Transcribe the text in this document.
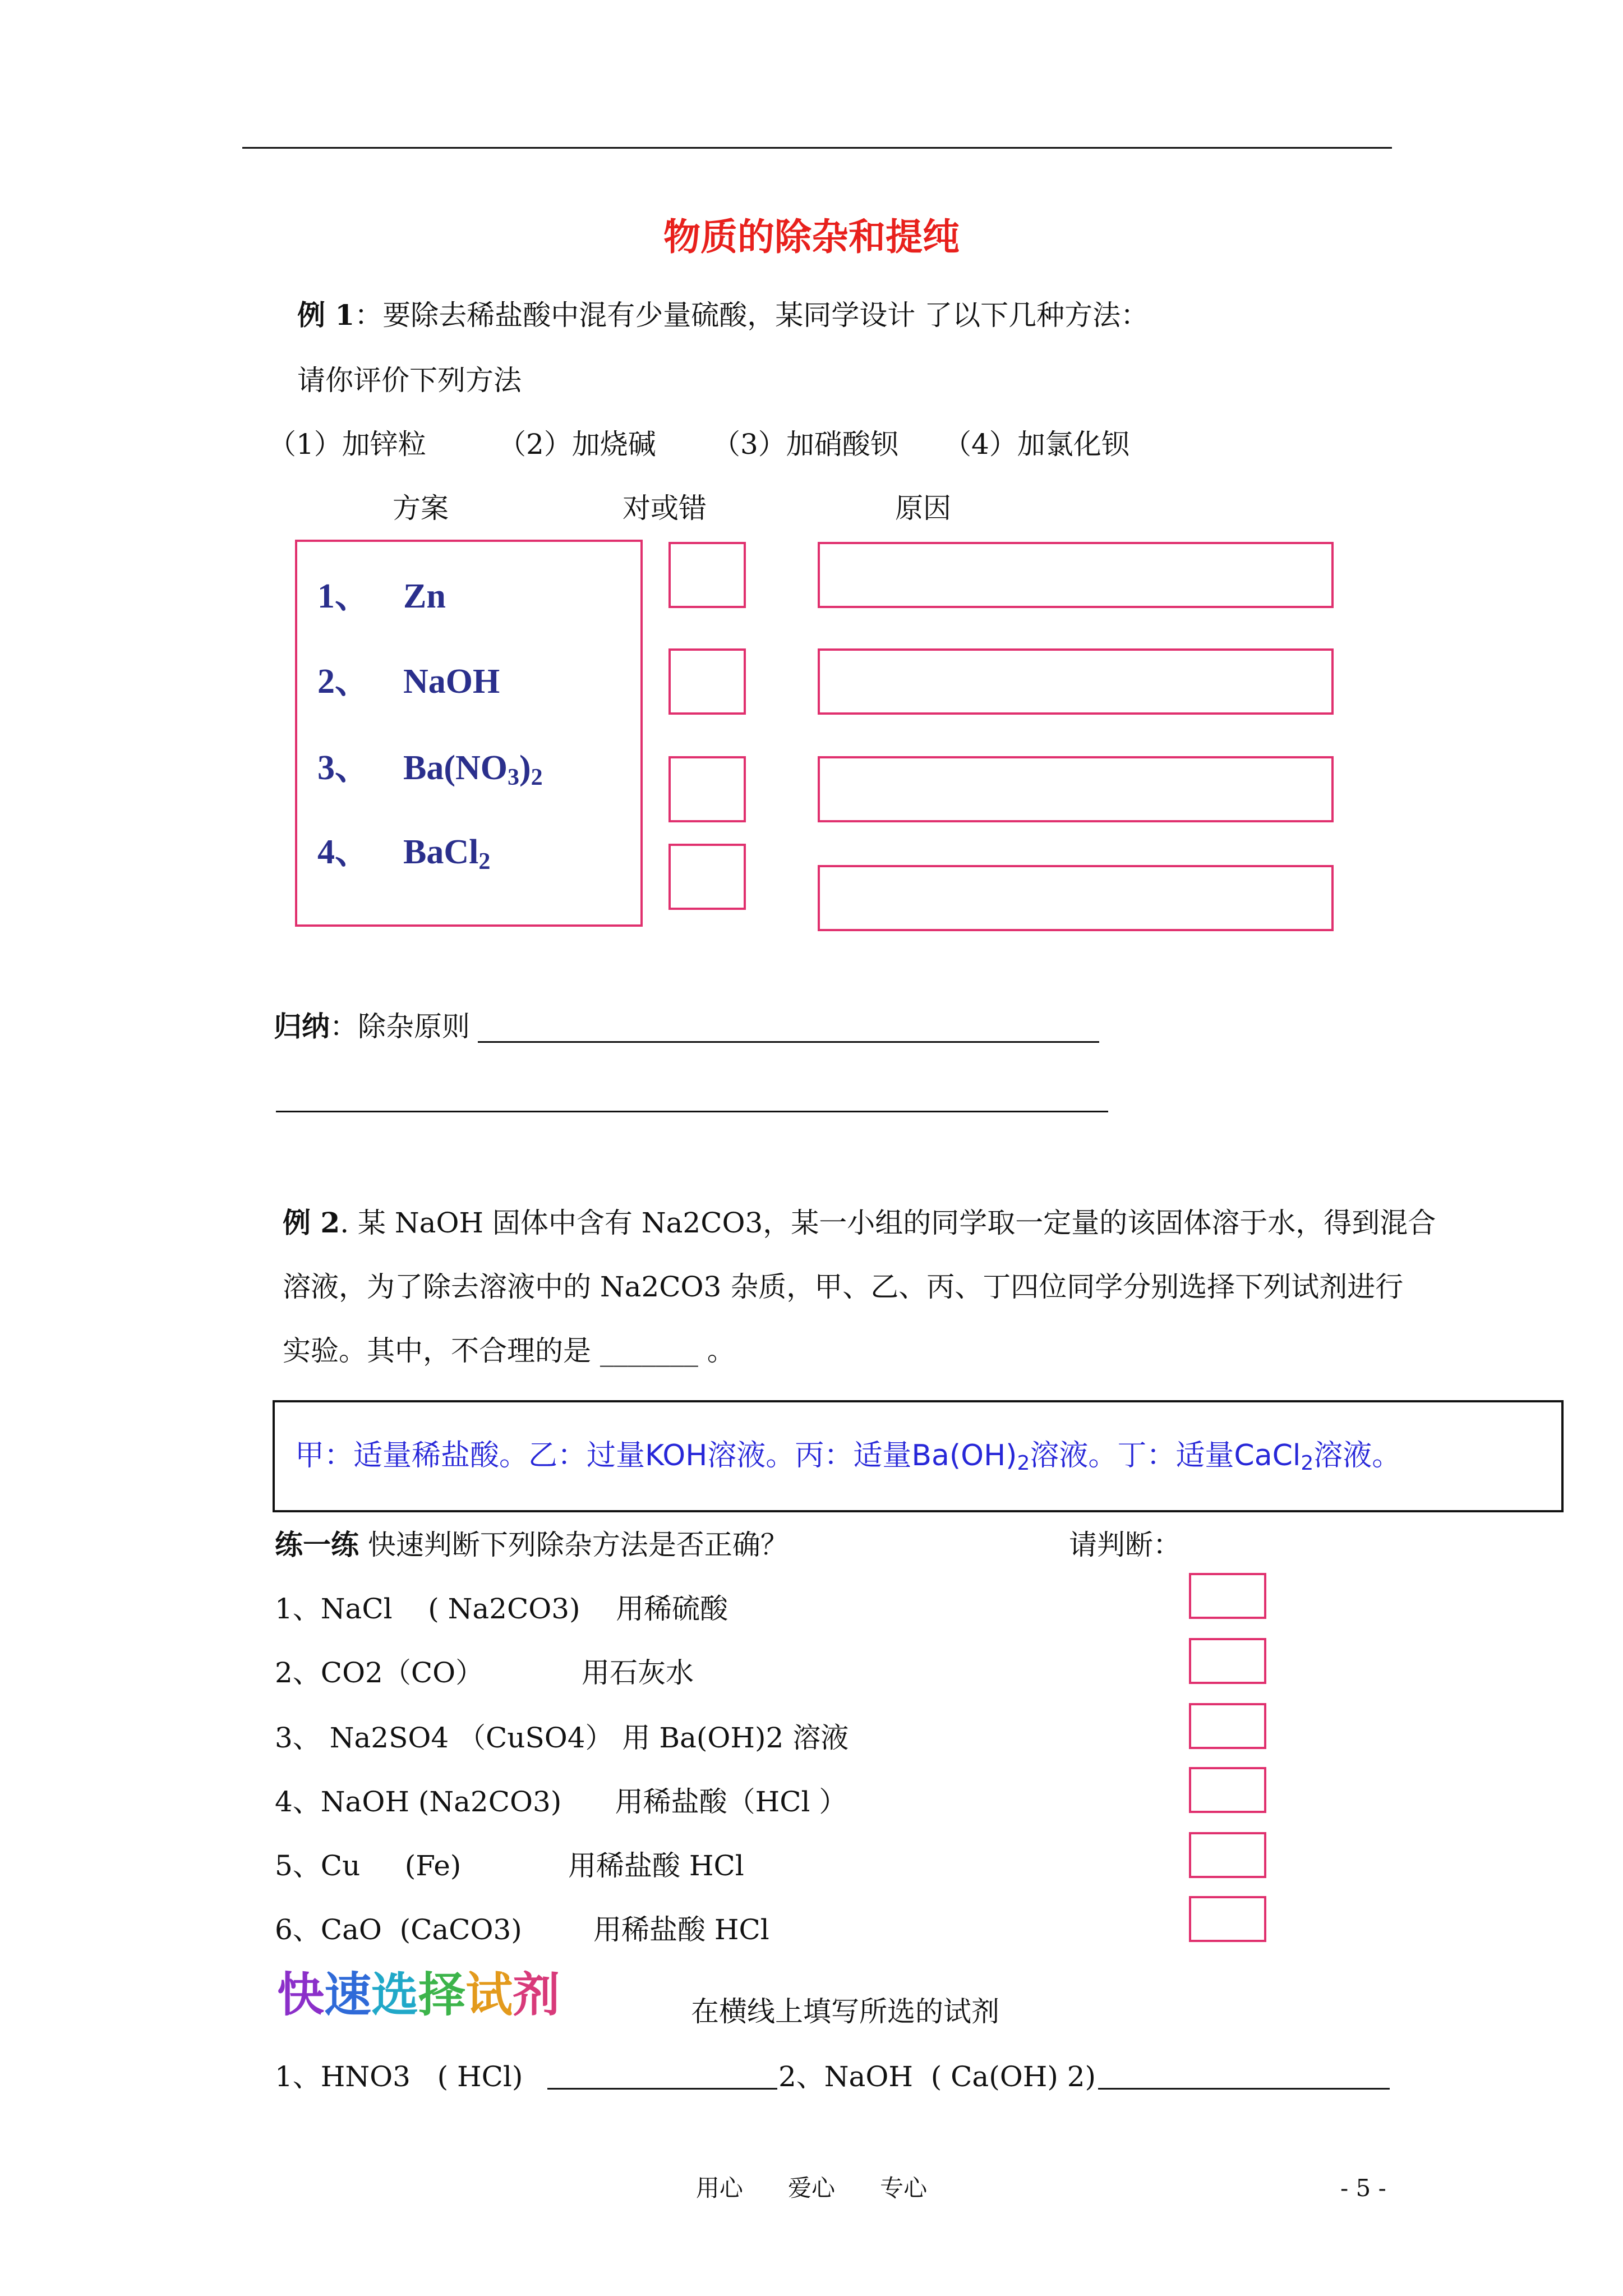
物质的除杂和提纯
例 1：要除去稀盐酸中混有少量硫酸，某同学设计 了以下几种方法：
请你评价下列方法
（1）加锌粒	（2）加烧碱 （3）加硝酸钡 （4）加氯化钡
方案	对或错	原因
1、 Zn
2、 NaOH
3、 $Ba(NO_3)_2$
4、 BaCl$_2$
归纳：除杂原则
例 2. 某 NaOH 固体中含有 Na2CO3，某一小组的同学取一定量的该固体溶于水，得到混合
溶液，为了除去溶液中的 Na2CO3 杂质，甲、乙、丙、丁四位同学分别选择下列试剂进行
实验。其中，不合理的是 _______ 。
甲：适量稀盐酸。乙：过量KOH溶液。丙：适量$Ba(OH)_2$溶液。丁：适量CaCl$_2$溶液。
练一练 快速判断下列除杂方法是否正确？	请判断：
1、NaCl    ( Na2CO3)    用稀硫酸
2、CO2（CO）           用石灰水
3、 Na2SO4 （CuSO4） 用 Ba(OH)2 溶液
4、NaOH (Na2CO3)      用稀盐酸（HCl ）
5、Cu     (Fe)            用稀盐酸 HCl
6、CaO  (CaCO3)        用稀盐酸 HCl
快速选择试剂	在横线上填写所选的试剂
1、HNO3   ( HCl)	2、NaOH  ( Ca(OH) 2)
用心      爱心      专心	- 5 -
